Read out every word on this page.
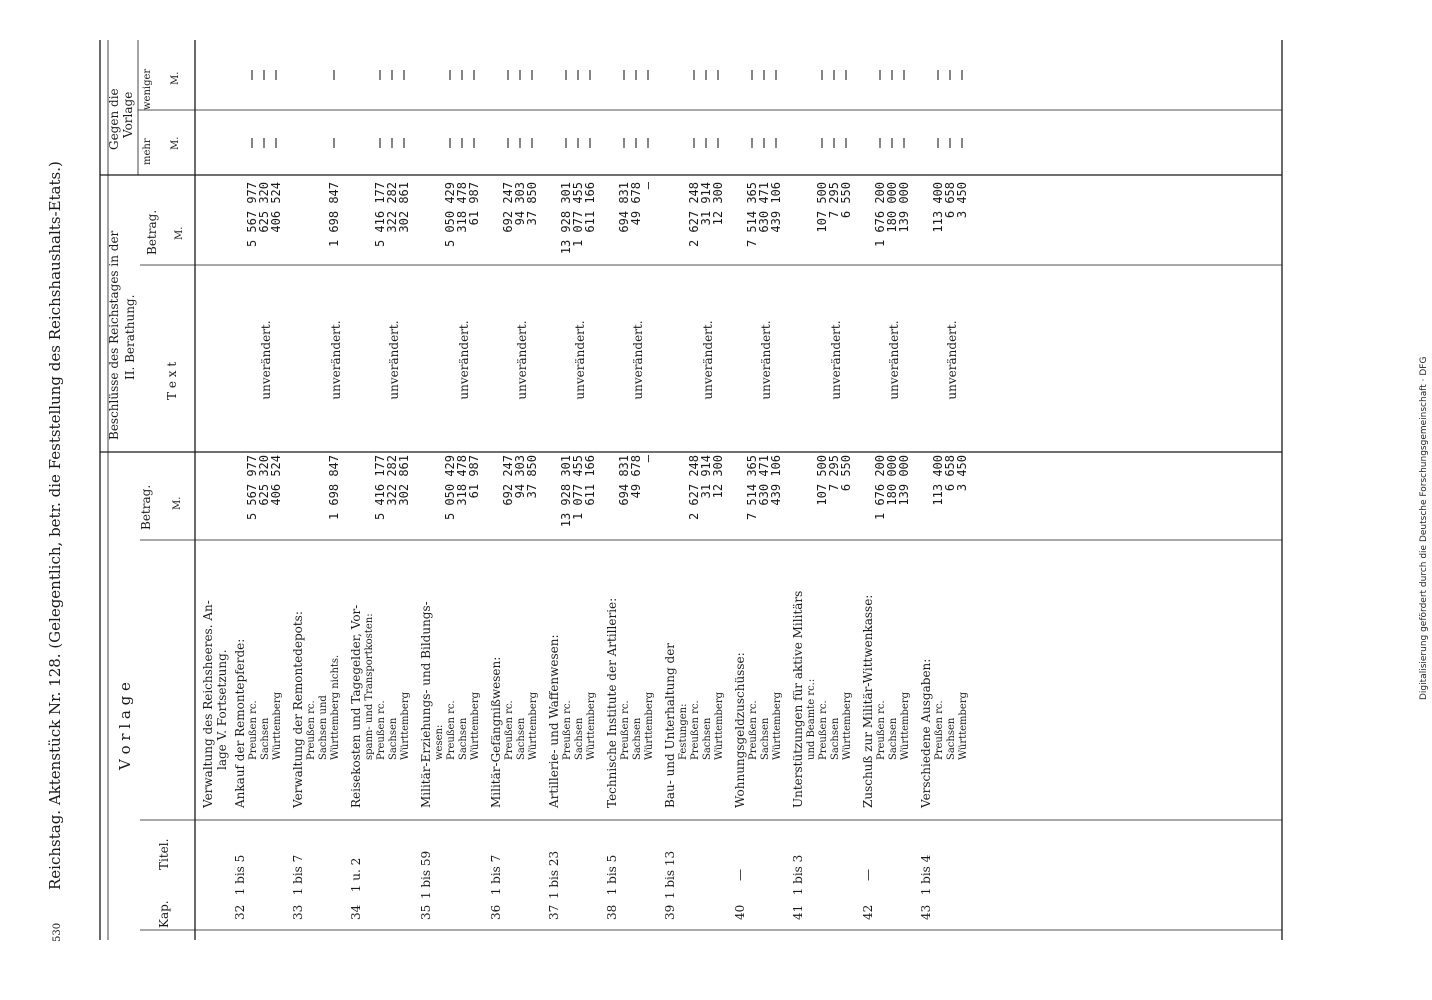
Digitalisierung gefördert durch die Deutsche Forschungsgemeinschaft · DFG
530
Reichstag. Aktenstück Nr. 128. (Gelegentlich, betr. die Feststellung des Reichshaushalts-Etats.)
Kap.
Titel.
V o r l a g e
Betrag. M.
Beschlüsse des Reichstages in der II. Berathung.
T e x t
Betrag. M.
Gegen die Vorlage
mehr
weniger
M.
M.
Verwaltung des Reichsheeres. An- lage V. Fortsetzung.
32
1 bis 5
Ankauf der Remontepferde: Preußen rc. Sachsen Württemberg
5 567 977
5 567 977
625 320
625 320
406 524
406 524
unverändert.
33
1 bis 7
Verwaltung der Remontedepots: Preußen rc. Sachsen und Württemberg nichts.
1 698 847
1 698 847
unverändert.
34
1 u. 2
Reisekosten und Tagegelder, Vor- spann- und Transportkosten: Preußen rc. Sachsen Württemberg
5 416 177
5 416 177
322 282
322 282
302 861
302 861
unverändert.
35
1 bis 59
Militär-Erziehungs- und Bildungs- wesen: Preußen rc. Sachsen Württemberg
5 050 429
5 050 429
318 478
318 478
61 987
61 987
unverändert.
36
1 bis 7
Militär-Gefängnißwesen: Preußen rc. Sachsen Württemberg
692 247
692 247
94 303
94 303
37 850
37 850
unverändert.
37
1 bis 23
Artillerie- und Waffenwesen: Preußen rc. Sachsen Württemberg
13 928 301
13 928 301
1 077 455
1 077 455
611 166
611 166
unverändert.
38
1 bis 5
Technische Institute der Artillerie: Preußen rc. Sachsen Württemberg
694 831
694 831
49 678
49 678
—
—
unverändert.
39
1 bis 13
Bau- und Unterhaltung der Festungen: Preußen rc. Sachsen Württemberg
2 627 248
2 627 248
31 914
31 914
12 300
12 300
unverändert.
40
—
Wohnungsgeldzuschüsse: Preußen rc. Sachsen Württemberg
7 514 365
7 514 365
630 471
630 471
439 106
439 106
unverändert.
41
1 bis 3
Unterstützungen für aktive Militärs und Beamte rc.: Preußen rc. Sachsen Württemberg
107 500
107 500
7 295
7 295
6 550
6 550
unverändert.
42
—
Zuschuß zur Militär-Wittwenkasse: Preußen rc. Sachsen Württemberg
1 676 200
1 676 200
180 000
180 000
139 000
139 000
unverändert.
43
1 bis 4
Verschiedene Ausgaben: Preußen rc. Sachsen Württemberg
113 400
113 400
6 658
6 658
3 450
3 450
unverändert.
